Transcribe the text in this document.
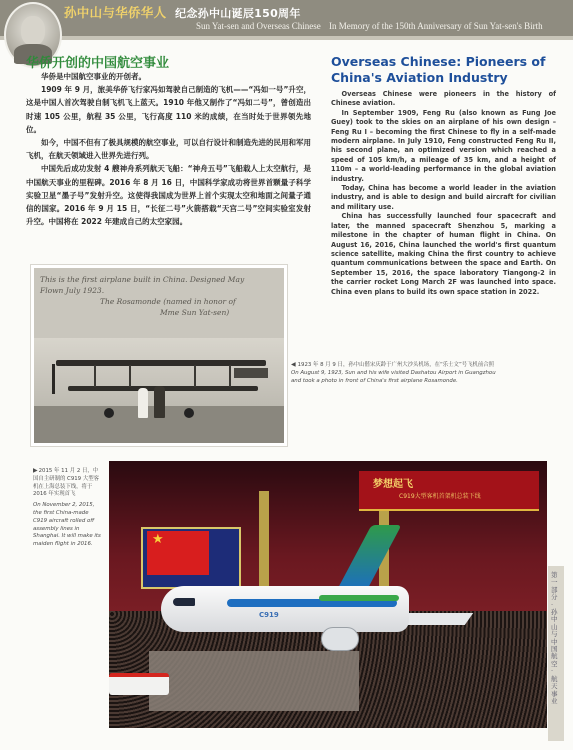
孙中山与华侨华人 纪念孙中山诞辰150周年
Sun Yat-sen and Overseas Chinese In Memory of the 150th Anniversary of Sun Yat-sen's Birth
华侨开创的中国航空事业

华侨是中国航空事业的开创者。

1909 年 9 月，旅美华侨飞行家冯如驾驶自己制造的飞机——“冯如一号”升空，这是中国人首次驾驶自制飞机飞上蓝天。1910 年他又制作了“冯如二号”，曾创造出时速 105 公里，航程 35 公里，飞行高度 110 米的成绩，在当时处于世界领先地位。

如今，中国不但有了极具规模的航空事业，可以自行设计和制造先进的民用和军用飞机，在航天领域进入世界先进行列。

中国先后成功发射 4 艘神舟系列航天飞船：“神舟五号”飞船载人上太空航行，是中国航天事业的里程碑。2016 年 8 月 16 日，中国科学家成功将世界首颗量子科学实验卫星“墨子号”发射升空。这使得我国成为世界上首个实现太空和地面之间量子通信的国家。2016 年 9 月 15 日，“长征二号”火箭搭载“天宫二号”空间实验室发射升空。中国将在 2022 年建成自己的太空家园。

Overseas Chinese: Pioneers of China's Aviation Industry

Overseas Chinese were pioneers in the history of Chinese aviation.

In September 1909, Feng Ru (also known as Fung Joe Guey) took to the skies on an airplane of his own design – Feng Ru I – becoming the first Chinese to fly in a self-made modern airplane. In July 1910, Feng constructed Feng Ru II, his second plane, an optimized version which reached a speed of 105 km/h, a mileage of 35 km, and a height of 110m – a world-leading performance in the global aviation industry.

Today, China has become a world leader in the aviation industry, and is able to design and build aircraft for civilian and military use.

China has successfully launched four spacecraft and later, the manned spacecraft Shenzhou 5, marking a milestone in the chapter of human flight in China. On August 16, 2016, China launched the world's first quantum science satellite, making China the first country to achieve quantum communications between the space and Earth. On September 15, 2016, the space laboratory Tiangong-2 in the carrier rocket Long March 2F was launched into space. China even plans to build its own space station in 2022.

This is the first airplane built in China. Designed May
Flown July 1923.
The Rosamonde (named in honor of
Mme Sun Yat-sen)
◀ 1923 年 8 月 9 日，孙中山偕宋庆龄于广州大沙头机场，在“乐士文”号飞机前合照
On August 9, 1923, Sun and his wife visited Dashatou Airport in Guangzhou and took a photo in front of China's first airplane Rosamonde.
▶2015 年 11 月 2 日，中国自主研制的 C919 大型客机在上海总装下线，将于 2016 年实现首飞
On November 2, 2015, the first China-made C919 aircraft rolled off assembly lines in Shanghai. It will make its maiden flight in 2016.
梦想起飞
C919大型客机首架机总装下线
★
C919
第一部分 · 孙中山与中国航空 · 航天事业
